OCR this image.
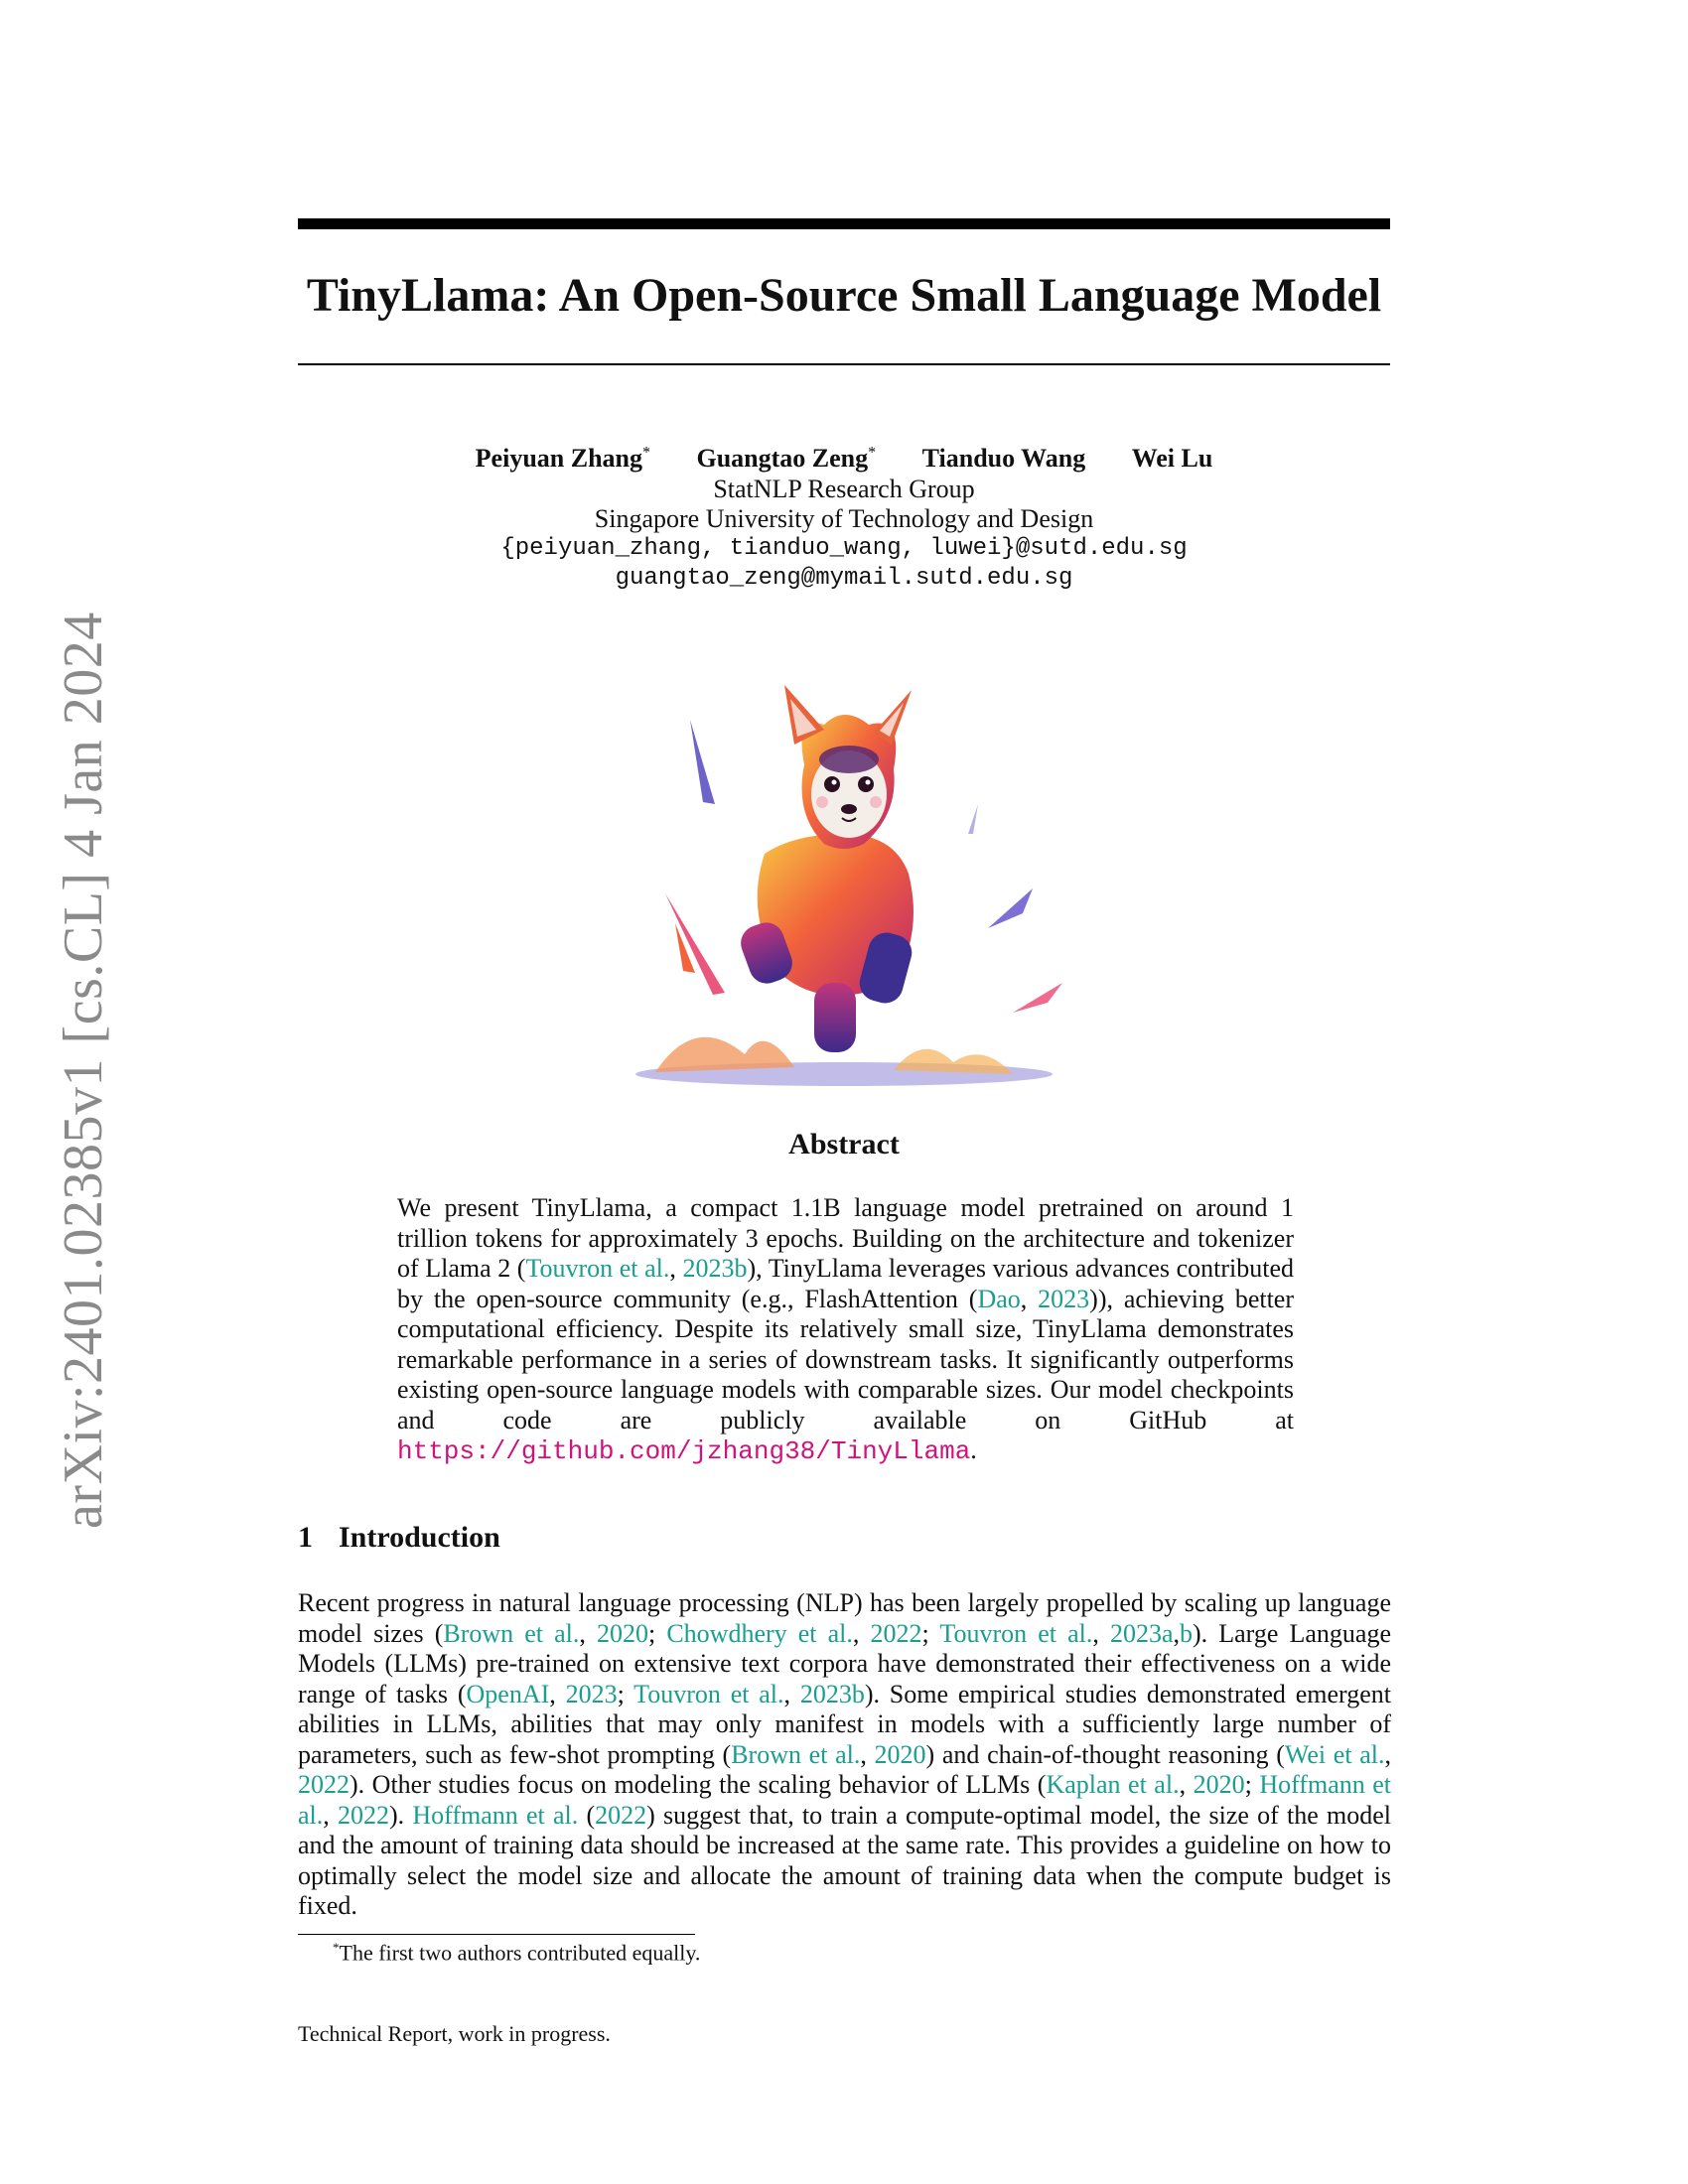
arXiv:2401.02385v1 [cs.CL] 4 Jan 2024
TinyLlama: An Open-Source Small Language Model
Peiyuan Zhang* Guangtao Zeng* Tianduo Wang Wei Lu
StatNLP Research Group
Singapore University of Technology and Design
{peiyuan_zhang, tianduo_wang, luwei}@sutd.edu.sg
guangtao_zeng@mymail.sutd.edu.sg
Abstract
We present TinyLlama, a compact 1.1B language model pretrained on around 1 trillion tokens for approximately 3 epochs. Building on the architecture and tokenizer of Llama 2 (Touvron et al., 2023b), TinyLlama leverages various advances contributed by the open-source community (e.g., FlashAttention (Dao, 2023)), achieving better computational efficiency. Despite its relatively small size, TinyLlama demonstrates remarkable performance in a series of downstream tasks. It significantly outperforms existing open-source language models with comparable sizes. Our model checkpoints and code are publicly available on GitHub at https://github.com/jzhang38/TinyLlama.
1 Introduction
Recent progress in natural language processing (NLP) has been largely propelled by scaling up language model sizes (Brown et al., 2020; Chowdhery et al., 2022; Touvron et al., 2023a,b). Large Language Models (LLMs) pre-trained on extensive text corpora have demonstrated their effectiveness on a wide range of tasks (OpenAI, 2023; Touvron et al., 2023b). Some empirical studies demonstrated emergent abilities in LLMs, abilities that may only manifest in models with a sufficiently large number of parameters, such as few-shot prompting (Brown et al., 2020) and chain-of-thought reasoning (Wei et al., 2022). Other studies focus on modeling the scaling behavior of LLMs (Kaplan et al., 2020; Hoffmann et al., 2022). Hoffmann et al. (2022) suggest that, to train a compute-optimal model, the size of the model and the amount of training data should be increased at the same rate. This provides a guideline on how to optimally select the model size and allocate the amount of training data when the compute budget is fixed.
*The first two authors contributed equally.
Technical Report, work in progress.
